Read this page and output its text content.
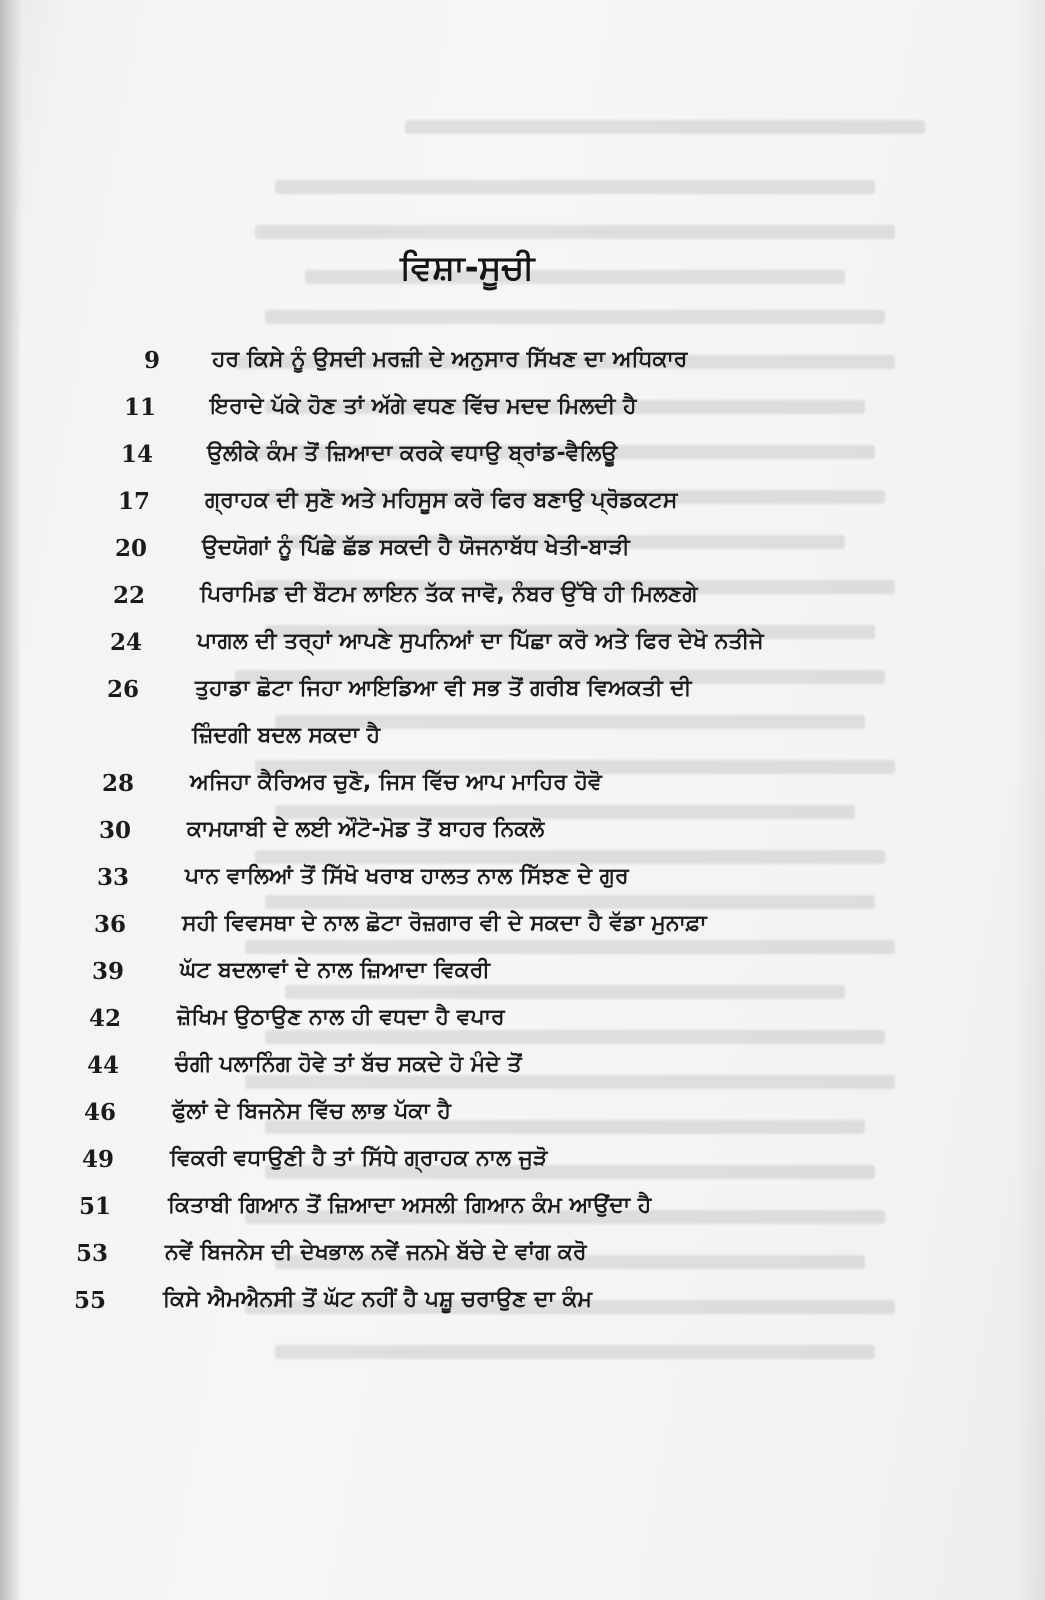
ਵਿਸ਼ਾ-ਸੂਚੀ
9 ਹਰ ਕਿਸੇ ਨੂੰ ਉਸਦੀ ਮਰਜ਼ੀ ਦੇ ਅਨੁਸਾਰ ਸਿੱਖਣ ਦਾ ਅਧਿਕਾਰ
11 ਇਰਾਦੇ ਪੱਕੇ ਹੋਣ ਤਾਂ ਅੱਗੇ ਵਧਣ ਵਿੱਚ ਮਦਦ ਮਿਲਦੀ ਹੈ
14 ਉਲੀਕੇ ਕੰਮ ਤੋਂ ਜ਼ਿਆਦਾ ਕਰਕੇ ਵਧਾਉ ਬ੍ਰਾਂਡ-ਵੈਲਿਊ
17	ਗ੍ਰਾਹਕ ਦੀ ਸੁਣੋ ਅਤੇ ਮਹਿਸੂਸ ਕਰੋ ਫਿਰ ਬਣਾਉ ਪ੍ਰੋਡਕਟਸ
20	ਉਦਯੋਗਾਂ ਨੂੰ ਪਿੱਛੇ ਛੱਡ ਸਕਦੀ ਹੈ ਯੋਜਨਾਬੱਧ ਖੇਤੀ-ਬਾੜੀ
22	ਪਿਰਾਮਿਡ ਦੀ ਬੌਟਮ ਲਾਇਨ ਤੱਕ ਜਾਵੋ, ਨੰਬਰ ਉੱਥੇ ਹੀ ਮਿਲਣਗੇ
24	ਪਾਗਲ ਦੀ ਤਰ੍ਹਾਂ ਆਪਣੇ ਸੁਪਨਿਆਂ ਦਾ ਪਿੱਛਾ ਕਰੋ ਅਤੇ ਫਿਰ ਦੇਖੋ ਨਤੀਜੇ
26	ਤੁਹਾਡਾ ਛੋਟਾ ਜਿਹਾ ਆਇਡਿਆ ਵੀ ਸਭ ਤੋਂ ਗਰੀਬ ਵਿਅਕਤੀ ਦੀ
ਜ਼ਿੰਦਗੀ ਬਦਲ ਸਕਦਾ ਹੈ
28	ਅਜਿਹਾ ਕੈਰਿਅਰ ਚੁਣੋ, ਜਿਸ ਵਿੱਚ ਆਪ ਮਾਹਿਰ ਹੋਵੋ
30	ਕਾਮਯਾਬੀ ਦੇ ਲਈ ਔਟੋ-ਮੋਡ ਤੋਂ ਬਾਹਰ ਨਿਕਲੋ
33	ਪਾਨ ਵਾਲਿਆਂ ਤੋਂ ਸਿੱਖੋ ਖਰਾਬ ਹਾਲਤ ਨਾਲ ਸਿੱਝਣ ਦੇ ਗੁਰ
36	ਸਹੀ ਵਿਵਸਥਾ ਦੇ ਨਾਲ ਛੋਟਾ ਰੋਜ਼ਗਾਰ ਵੀ ਦੇ ਸਕਦਾ ਹੈ ਵੱਡਾ ਮੁਨਾਫ਼ਾ
39	ਘੱਟ ਬਦਲਾਵਾਂ ਦੇ ਨਾਲ ਜ਼ਿਆਦਾ ਵਿਕਰੀ
42	ਜ਼ੋਖਿਮ ਉਠਾਉਣ ਨਾਲ ਹੀ ਵਧਦਾ ਹੈ ਵਪਾਰ
44	ਚੰਗੀ ਪਲਾਨਿੰਗ ਹੋਵੇ ਤਾਂ ਬੱਚ ਸਕਦੇ ਹੋ ਮੰਦੇ ਤੋਂ
46	ਫੁੱਲਾਂ ਦੇ ਬਿਜਨੇਸ ਵਿੱਚ ਲਾਭ ਪੱਕਾ ਹੈ
49	ਵਿਕਰੀ ਵਧਾਉਣੀ ਹੈ ਤਾਂ ਸਿੱਧੇ ਗ੍ਰਾਹਕ ਨਾਲ ਜੁੜੋ
51	ਕਿਤਾਬੀ ਗਿਆਨ ਤੋਂ ਜ਼ਿਆਦਾ ਅਸਲੀ ਗਿਆਨ ਕੰਮ ਆਉਂਦਾ ਹੈ
53	ਨਵੇਂ ਬਿਜਨੇਸ ਦੀ ਦੇਖਭਾਲ ਨਵੇਂ ਜਨਮੇ ਬੱਚੇ ਦੇ ਵਾਂਗ ਕਰੋ
55	ਕਿਸੇ ਐਮਐਨਸੀ ਤੋਂ ਘੱਟ ਨਹੀਂ ਹੈ ਪਸ਼ੂ ਚਰਾਉਣ ਦਾ ਕੰਮ
